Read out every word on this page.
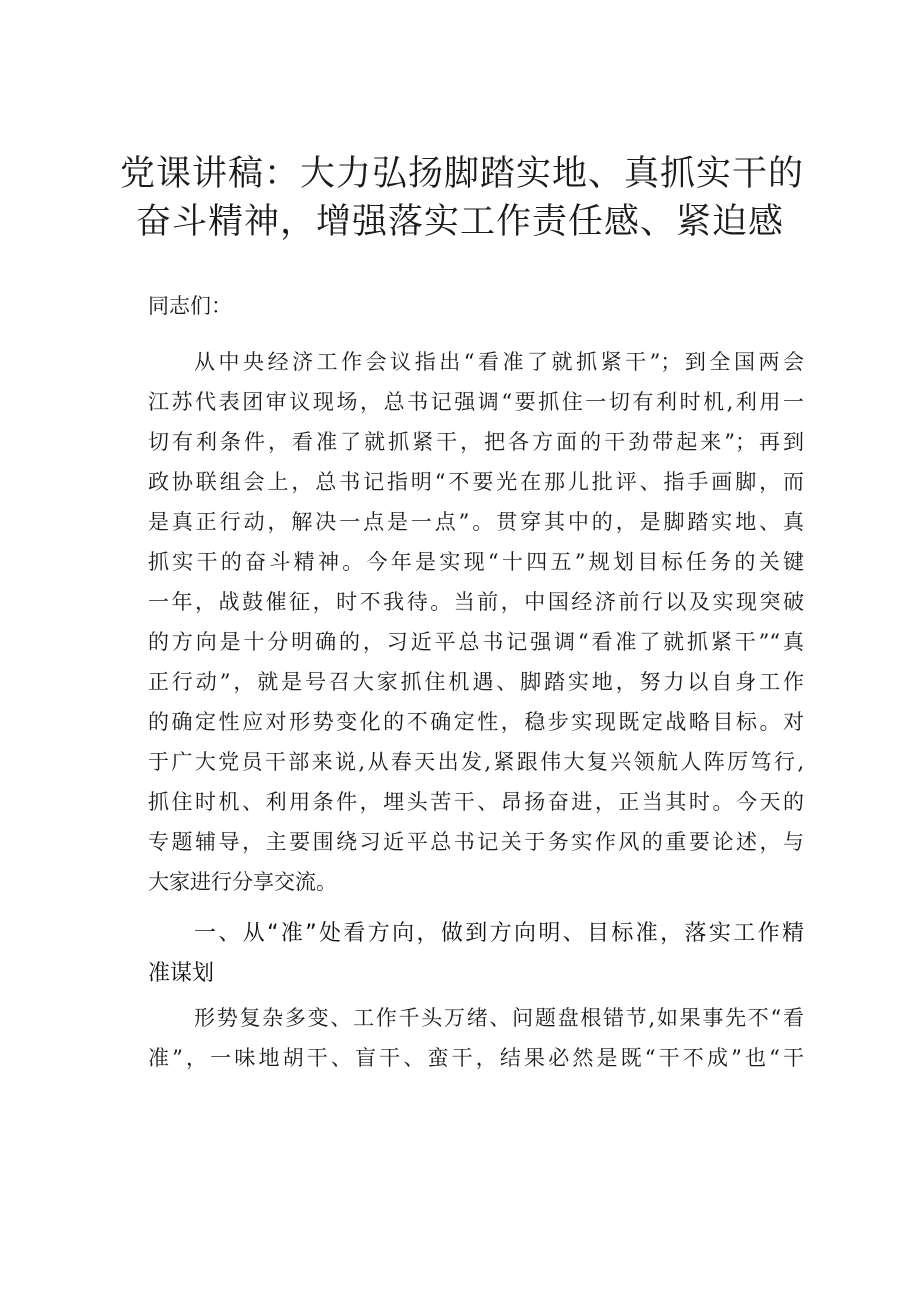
党课讲稿：大力弘扬脚踏实地、真抓实干的
奋斗精神，增强落实工作责任感、紧迫感

同志们：

从中央经济工作会议指出“看准了就抓紧干”；到全国两会
江苏代表团审议现场，总书记强调“要抓住一切有利时机,利用一
切有利条件，看准了就抓紧干，把各方面的干劲带起来”；再到
政协联组会上，总书记指明“不要光在那儿批评、指手画脚，而
是真正行动，解决一点是一点”。贯穿其中的，是脚踏实地、真
抓实干的奋斗精神。今年是实现“十四五”规划目标任务的关键
一年，战鼓催征，时不我待。当前，中国经济前行以及实现突破
的方向是十分明确的，习近平总书记强调“看准了就抓紧干”“真
正行动”，就是号召大家抓住机遇、脚踏实地，努力以自身工作
的确定性应对形势变化的不确定性，稳步实现既定战略目标。对
于广大党员干部来说,从春天出发,紧跟伟大复兴领航人阵厉笃行,
抓住时机、利用条件，埋头苦干、昂扬奋进，正当其时。今天的
专题辅导，主要围绕习近平总书记关于务实作风的重要论述，与
大家进行分享交流。
一、从“准”处看方向，做到方向明、目标准，落实工作精
准谋划
形势复杂多变、工作千头万绪、问题盘根错节,如果事先不“看
准”，一味地胡干、盲干、蛮干，结果必然是既“干不成”也“干
